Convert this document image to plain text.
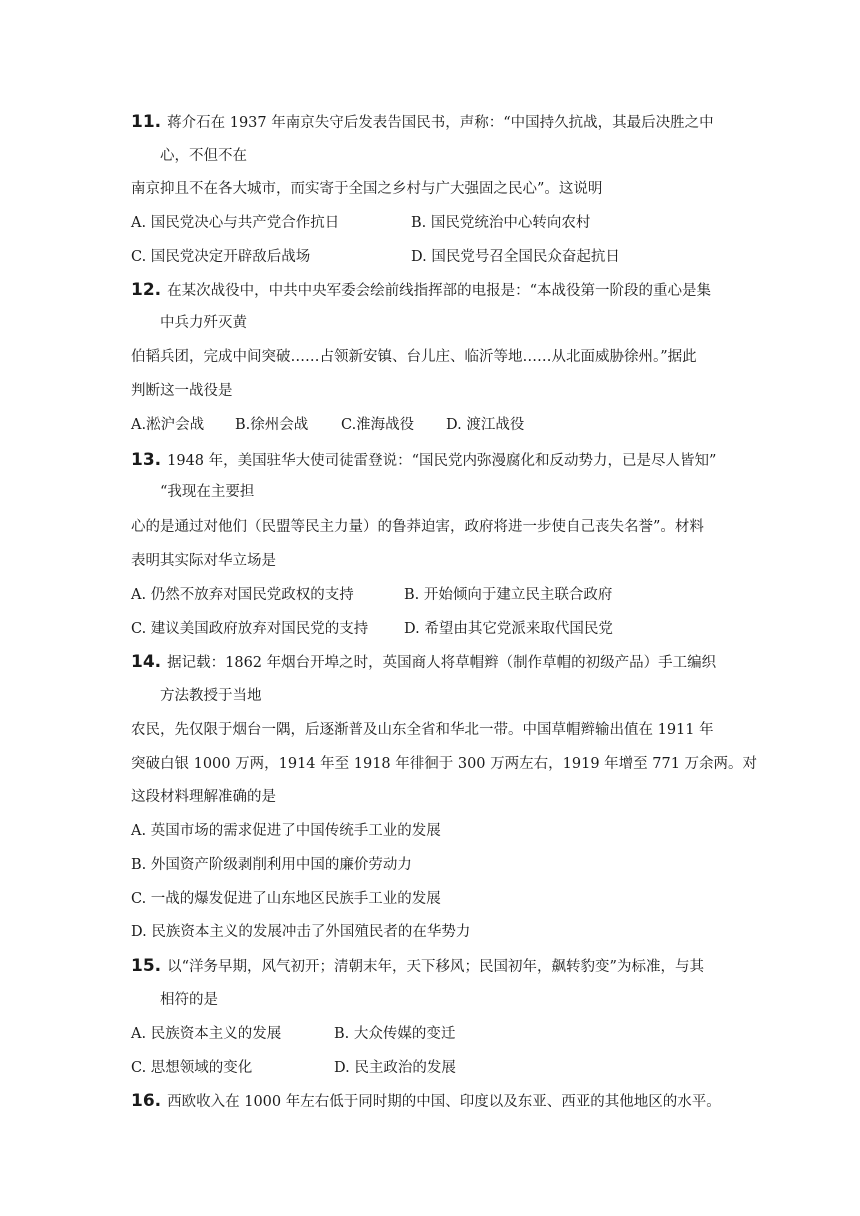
11. 蒋介石在 1937 年南京失守后发表告国民书，声称：“中国持久抗战，其最后决胜之中
心，不但不在
南京抑且不在各大城市，而实寄于全国之乡村与广大强固之民心”。这说明
A. 国民党决心与共产党合作抗日	B. 国民党统治中心转向农村
C. 国民党决定开辟敌后战场	D. 国民党号召全国民众奋起抗日
12. 在某次战役中，中共中央军委会绘前线指挥部的电报是：“本战役第一阶段的重心是集
中兵力歼灭黄
伯韬兵团，完成中间突破……占领新安镇、台儿庄、临沂等地……从北面威胁徐州。”据此
判断这一战役是
A.淞沪会战 B.徐州会战 C.淮海战役 D. 渡江战役
13. 1948 年，美国驻华大使司徒雷登说：“国民党内弥漫腐化和反动势力，已是尽人皆知”
“我现在主要担
心的是通过对他们（民盟等民主力量）的鲁莽迫害，政府将进一步使自己丧失名誉”。材料
表明其实际对华立场是
A. 仍然不放弃对国民党政权的支持	B. 开始倾向于建立民主联合政府
C. 建议美国政府放弃对国民党的支持 D. 希望由其它党派来取代国民党
14. 据记载：1862 年烟台开埠之时，英国商人将草帽辫（制作草帽的初级产品）手工编织
方法教授于当地
农民，先仅限于烟台一隅，后逐渐普及山东全省和华北一带。中国草帽辫输出值在 1911 年
突破白银 1000 万两，1914 年至 1918 年徘徊于 300 万两左右，1919 年增至 771 万余两。对
这段材料理解准确的是
A. 英国市场的需求促进了中国传统手工业的发展
B. 外国资产阶级剥削利用中国的廉价劳动力
C. 一战的爆发促进了山东地区民族手工业的发展
D. 民族资本主义的发展冲击了外国殖民者的在华势力
15. 以“洋务早期，风气初开；清朝末年，天下移风；民国初年，飙转豹变”为标准，与其
相符的是
A. 民族资本主义的发展	B. 大众传媒的变迁
C. 思想领域的变化	D. 民主政治的发展
16. 西欧收入在 1000 年左右低于同时期的中国、印度以及东亚、西亚的其他地区的水平。
